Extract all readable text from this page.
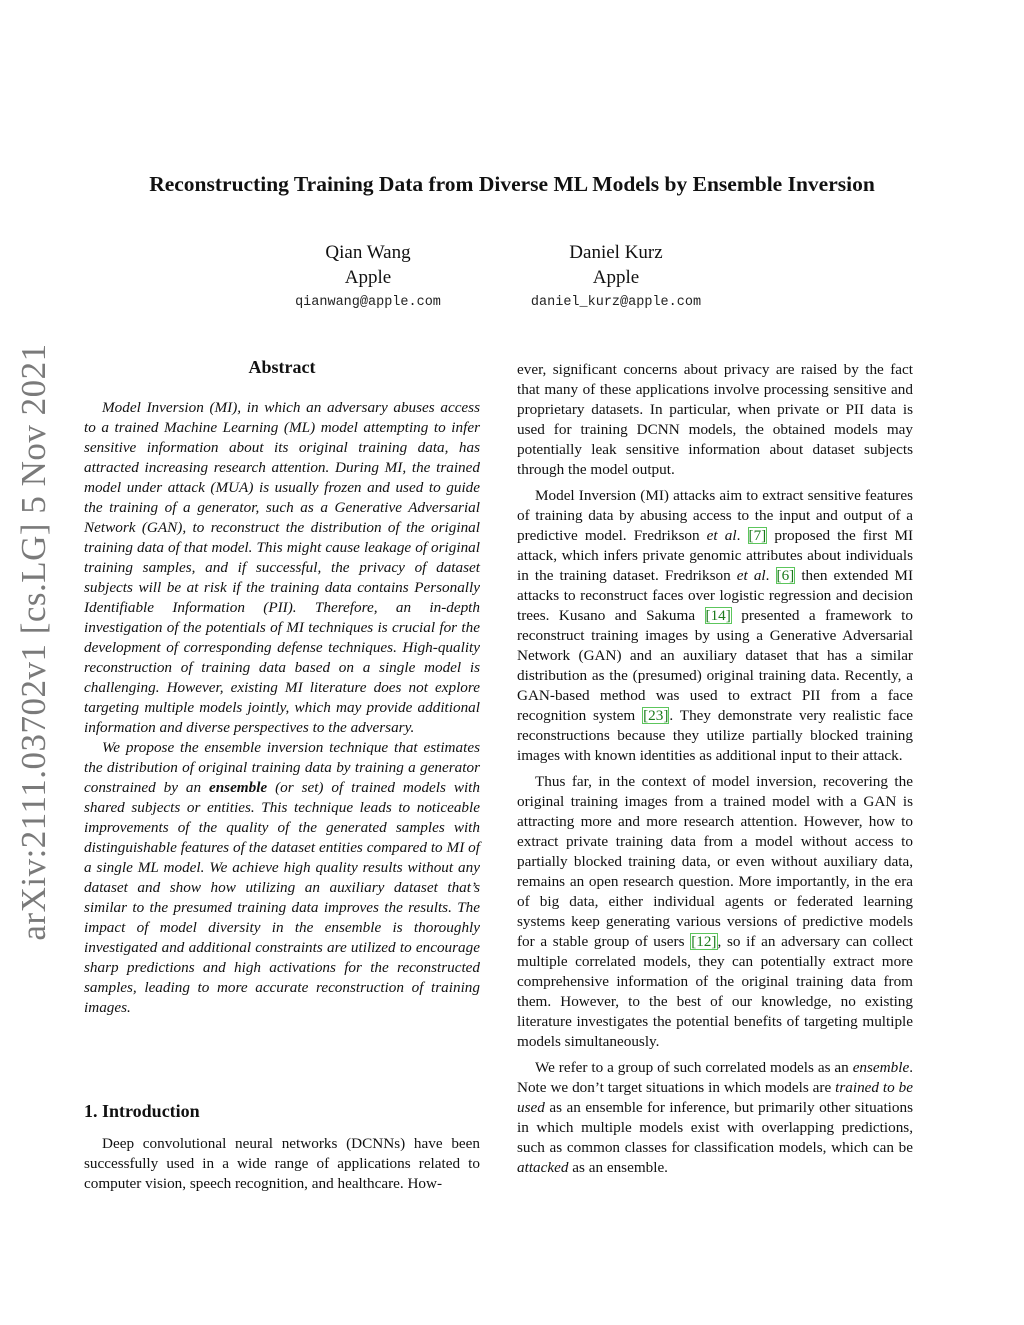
arXiv:2111.03702v1 [cs.LG] 5 Nov 2021
Reconstructing Training Data from Diverse ML Models by Ensemble Inversion
Qian Wang
Apple
qianwang@apple.com
Daniel Kurz
Apple
daniel_kurz@apple.com
Abstract

Model Inversion (MI), in which an adversary abuses access to a trained Machine Learning (ML) model attempting to infer sensitive information about its original training data, has attracted increasing research attention. During MI, the trained model under attack (MUA) is usually frozen and used to guide the training of a generator, such as a Generative Adversarial Network (GAN), to reconstruct the distribution of the original training data of that model. This might cause leakage of original training samples, and if successful, the privacy of dataset subjects will be at risk if the training data contains Personally Identifiable Information (PII). Therefore, an in-depth investigation of the potentials of MI techniques is crucial for the development of corresponding defense techniques. High-quality reconstruction of training data based on a single model is challenging. However, existing MI literature does not explore targeting multiple models jointly, which may provide additional information and diverse perspectives to the adversary.

We propose the ensemble inversion technique that estimates the distribution of original training data by training a generator constrained by an ensemble (or set) of trained models with shared subjects or entities. This technique leads to noticeable improvements of the quality of the generated samples with distinguishable features of the dataset entities compared to MI of a single ML model. We achieve high quality results without any dataset and show how utilizing an auxiliary dataset that’s similar to the presumed training data improves the results. The impact of model diversity in the ensemble is thoroughly investigated and additional constraints are utilized to encourage sharp predictions and high activations for the reconstructed samples, leading to more accurate reconstruction of training images.

1. Introduction

Deep convolutional neural networks (DCNNs) have been successfully used in a wide range of applications related to computer vision, speech recognition, and healthcare. How-

ever, significant concerns about privacy are raised by the fact that many of these applications involve processing sensitive and proprietary datasets. In particular, when private or PII data is used for training DCNN models, the obtained models may potentially leak sensitive information about dataset subjects through the model output.

Model Inversion (MI) attacks aim to extract sensitive features of training data by abusing access to the input and output of a predictive model. Fredrikson et al. [7] proposed the first MI attack, which infers private genomic attributes about individuals in the training dataset. Fredrikson et al. [6] then extended MI attacks to reconstruct faces over logistic regression and decision trees. Kusano and Sakuma [14] presented a framework to reconstruct training images by using a Generative Adversarial Network (GAN) and an auxiliary dataset that has a similar distribution as the (presumed) original training data. Recently, a GAN-based method was used to extract PII from a face recognition system [23]. They demonstrate very realistic face reconstructions because they utilize partially blocked training images with known identities as additional input to their attack.

Thus far, in the context of model inversion, recovering the original training images from a trained model with a GAN is attracting more and more research attention. However, how to extract private training data from a model without access to partially blocked training data, or even without auxiliary data, remains an open research question. More importantly, in the era of big data, either individual agents or federated learning systems keep generating various versions of predictive models for a stable group of users [12], so if an adversary can collect multiple correlated models, they can potentially extract more comprehensive information of the original training data from them. However, to the best of our knowledge, no existing literature investigates the potential benefits of targeting multiple models simultaneously.

We refer to a group of such correlated models as an ensemble. Note we don’t target situations in which models are trained to be used as an ensemble for inference, but primarily other situations in which multiple models exist with overlapping predictions, such as common classes for classification models, which can be attacked as an ensemble.
